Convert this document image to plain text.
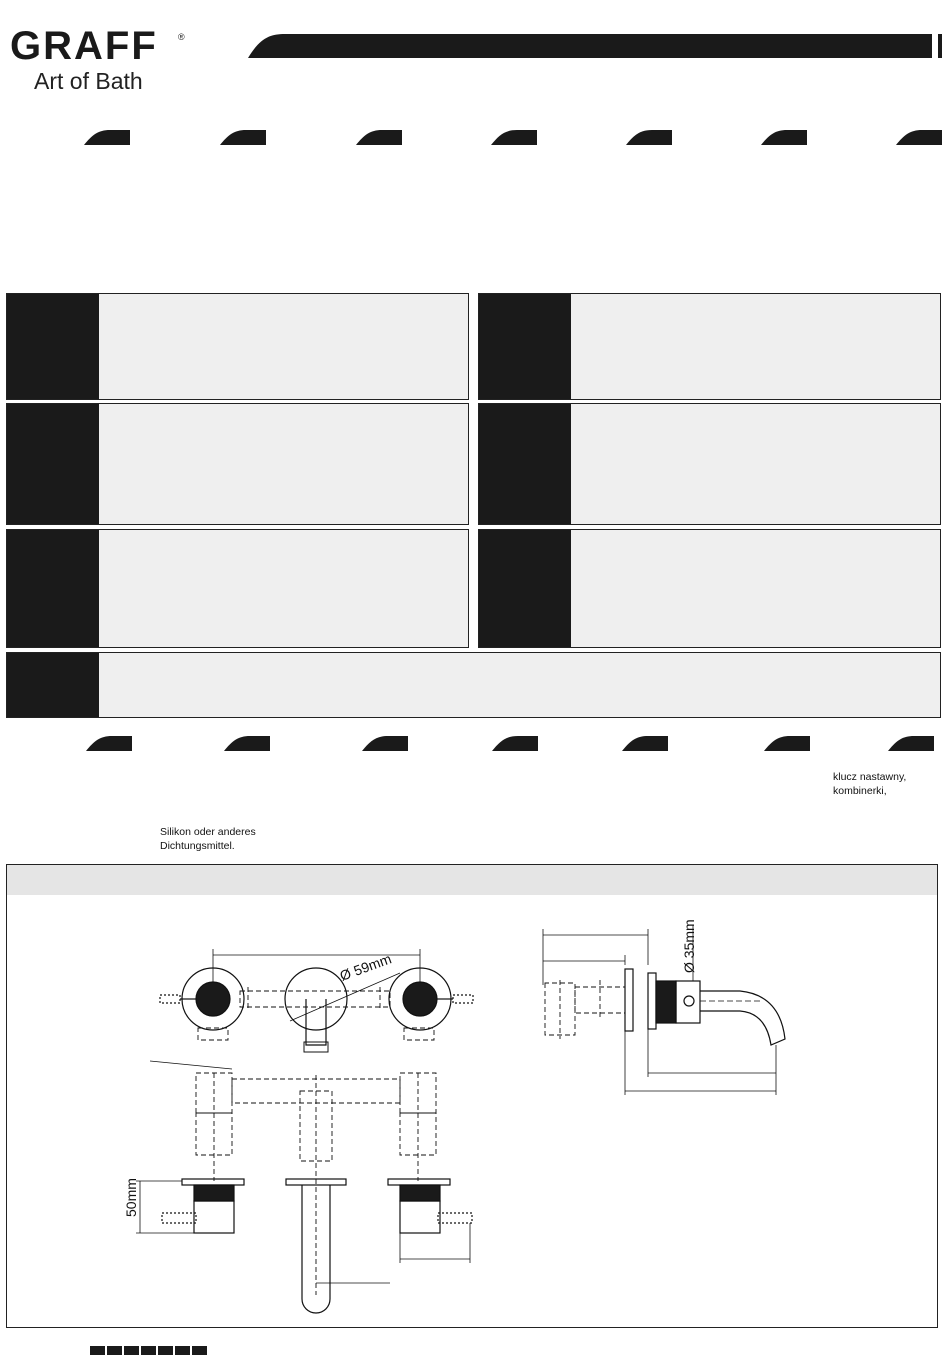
GRAFF ®
Art of Bath
klucz nastawny,
kombinerki,
Silikon oder anderes
Dichtungsmittel.
Ø 59mm
50mm
Ø 35mm
